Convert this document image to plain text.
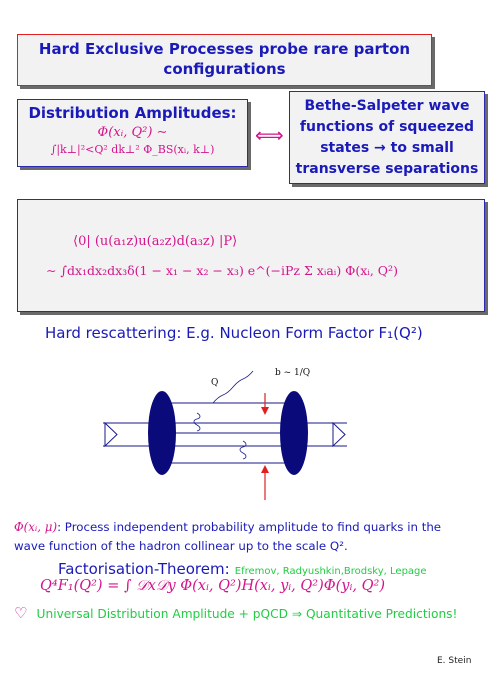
Hard Exclusive Processes probe rare parton
configurations
Distribution Amplitudes:
Φ(xᵢ, Q²) ∼
∫|k⊥|²<Q² dk⊥² Φ_BS(xᵢ, k⊥)
⟺
Bethe-Salpeter wave
functions of squeezed
states → to small
transverse separations
⟨0| (u(a₁z)u(a₂z)d(a₃z) |P⟩
∼ ∫dx₁dx₂dx₃δ(1 − x₁ − x₂ − x₃) e^(−iPz Σ xᵢaᵢ) Φ(xᵢ, Q²)
Hard rescattering: E.g. Nucleon Form Factor F₁(Q²)
Q
b ~ 1/Q
Φ(xᵢ, μ): Process independent probability amplitude to find quarks in the
wave function of the hadron collinear up to the scale Q².
Factorisation-Theorem: Efremov, Radyushkin,Brodsky, Lepage
Q⁴F₁(Q²) = ∫ 𝒟x𝒟y Φ(xᵢ, Q²)H(xᵢ, yᵢ, Q²)Φ(yᵢ, Q²)
♡ Universal Distribution Amplitude + pQCD ⇒ Quantitative Predictions!
E. Stein
